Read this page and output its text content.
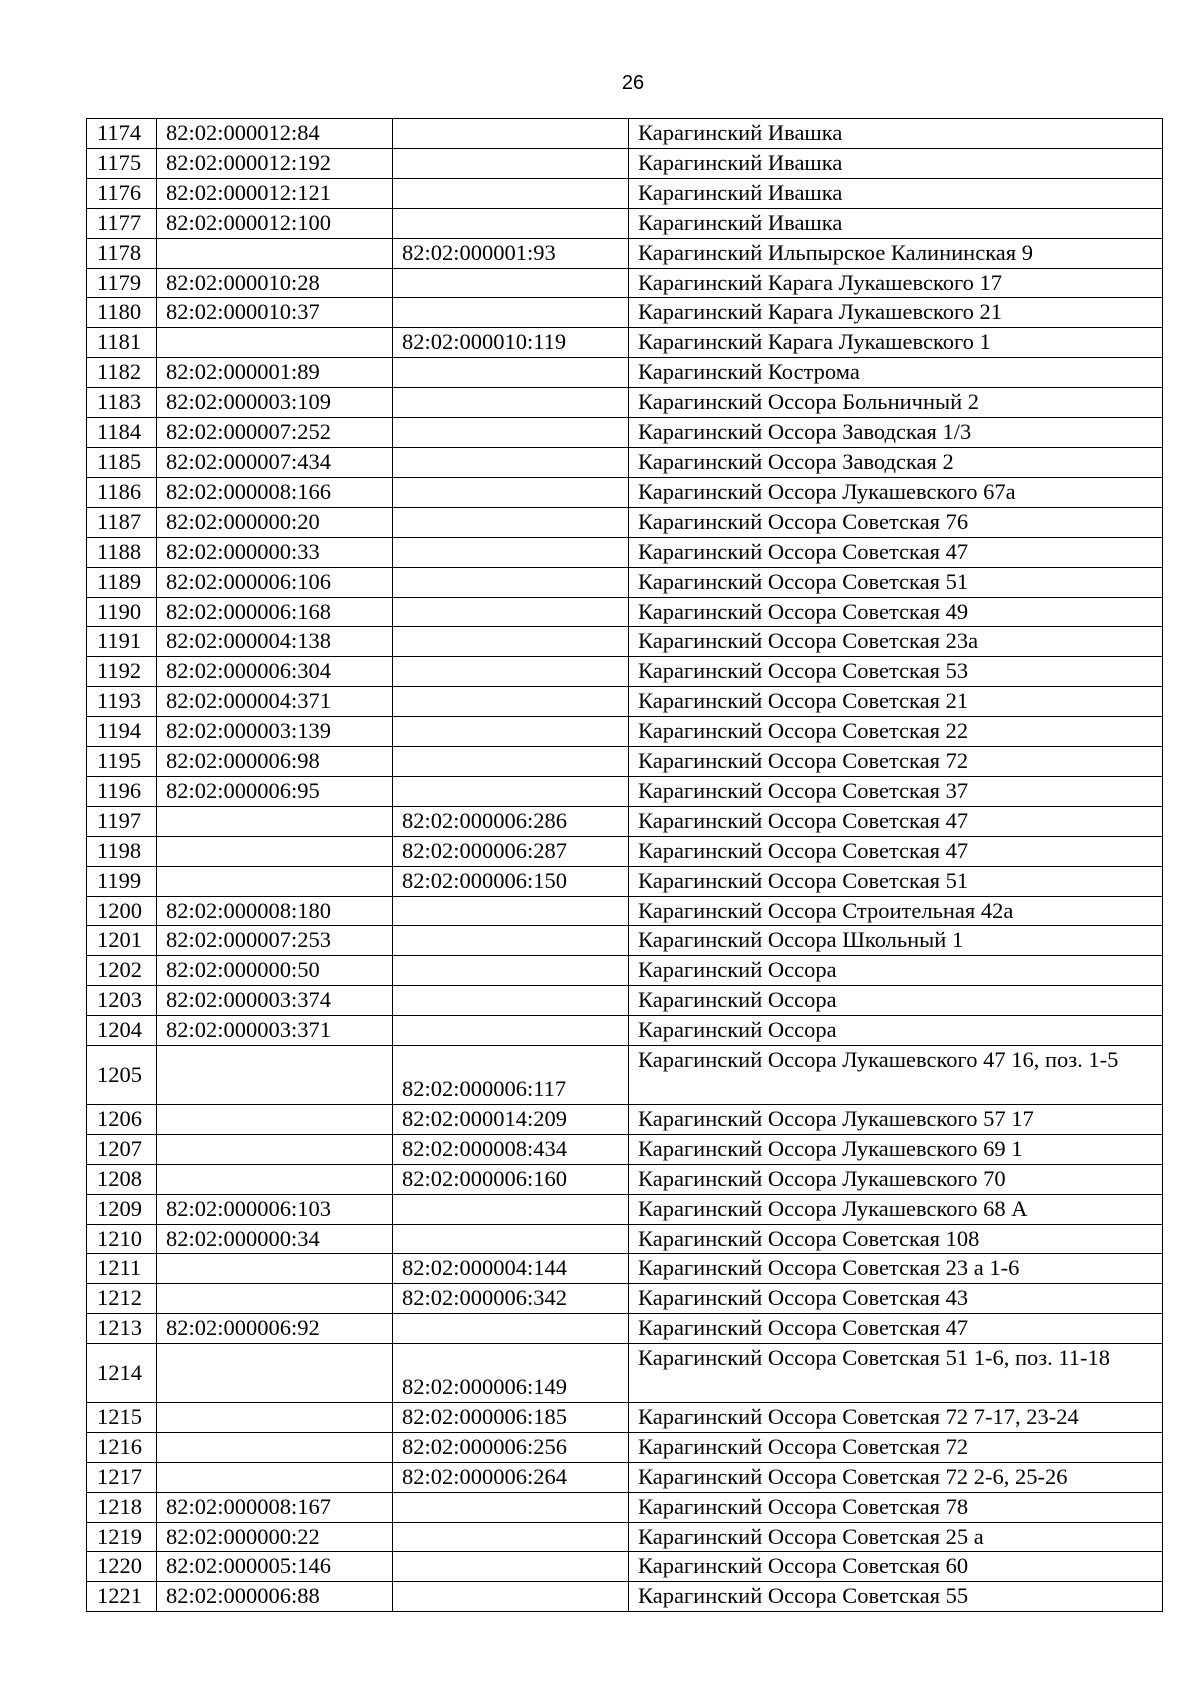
26
1174	82:02:000012:84		Карагинский Ивашка
1175	82:02:000012:192		Карагинский Ивашка
1176	82:02:000012:121		Карагинский Ивашка
1177	82:02:000012:100		Карагинский Ивашка
1178		82:02:000001:93	Карагинский Ильпырское Калининская 9
1179	82:02:000010:28		Карагинский Карага Лукашевского 17
1180	82:02:000010:37		Карагинский Карага Лукашевского 21
1181		82:02:000010:119	Карагинский Карага Лукашевского 1
1182	82:02:000001:89		Карагинский Кострома
1183	82:02:000003:109		Карагинский Оссора Больничный 2
1184	82:02:000007:252		Карагинский Оссора Заводская 1/3
1185	82:02:000007:434		Карагинский Оссора Заводская 2
1186	82:02:000008:166		Карагинский Оссора Лукашевского 67а
1187	82:02:000000:20		Карагинский Оссора Советская 76
1188	82:02:000000:33		Карагинский Оссора Советская 47
1189	82:02:000006:106		Карагинский Оссора Советская 51
1190	82:02:000006:168		Карагинский Оссора Советская 49
1191	82:02:000004:138		Карагинский Оссора Советская 23а
1192	82:02:000006:304		Карагинский Оссора Советская 53
1193	82:02:000004:371		Карагинский Оссора Советская 21
1194	82:02:000003:139		Карагинский Оссора Советская 22
1195	82:02:000006:98		Карагинский Оссора Советская 72
1196	82:02:000006:95		Карагинский Оссора Советская 37
1197		82:02:000006:286	Карагинский Оссора Советская 47
1198		82:02:000006:287	Карагинский Оссора Советская 47
1199		82:02:000006:150	Карагинский Оссора Советская 51
1200	82:02:000008:180		Карагинский Оссора Строительная 42а
1201	82:02:000007:253		Карагинский Оссора Школьный 1
1202	82:02:000000:50		Карагинский Оссора
1203	82:02:000003:374		Карагинский Оссора
1204	82:02:000003:371		Карагинский Оссора
1205		82:02:000006:117	Карагинский Оссора Лукашевского 47 16, поз. 1-5
1206		82:02:000014:209	Карагинский Оссора Лукашевского 57 17
1207		82:02:000008:434	Карагинский Оссора Лукашевского 69 1
1208		82:02:000006:160	Карагинский Оссора Лукашевского 70
1209	82:02:000006:103		Карагинский Оссора Лукашевского 68 А
1210	82:02:000000:34		Карагинский Оссора Советская 108
1211		82:02:000004:144	Карагинский Оссора Советская 23 а 1-6
1212		82:02:000006:342	Карагинский Оссора Советская 43
1213	82:02:000006:92		Карагинский Оссора Советская 47
1214		82:02:000006:149	Карагинский Оссора Советская 51 1-6, поз. 11-18
1215		82:02:000006:185	Карагинский Оссора Советская 72 7-17, 23-24
1216		82:02:000006:256	Карагинский Оссора Советская 72
1217		82:02:000006:264	Карагинский Оссора Советская 72 2-6, 25-26
1218	82:02:000008:167		Карагинский Оссора Советская 78
1219	82:02:000000:22		Карагинский Оссора Советская 25 а
1220	82:02:000005:146		Карагинский Оссора Советская 60
1221	82:02:000006:88		Карагинский Оссора Советская 55
